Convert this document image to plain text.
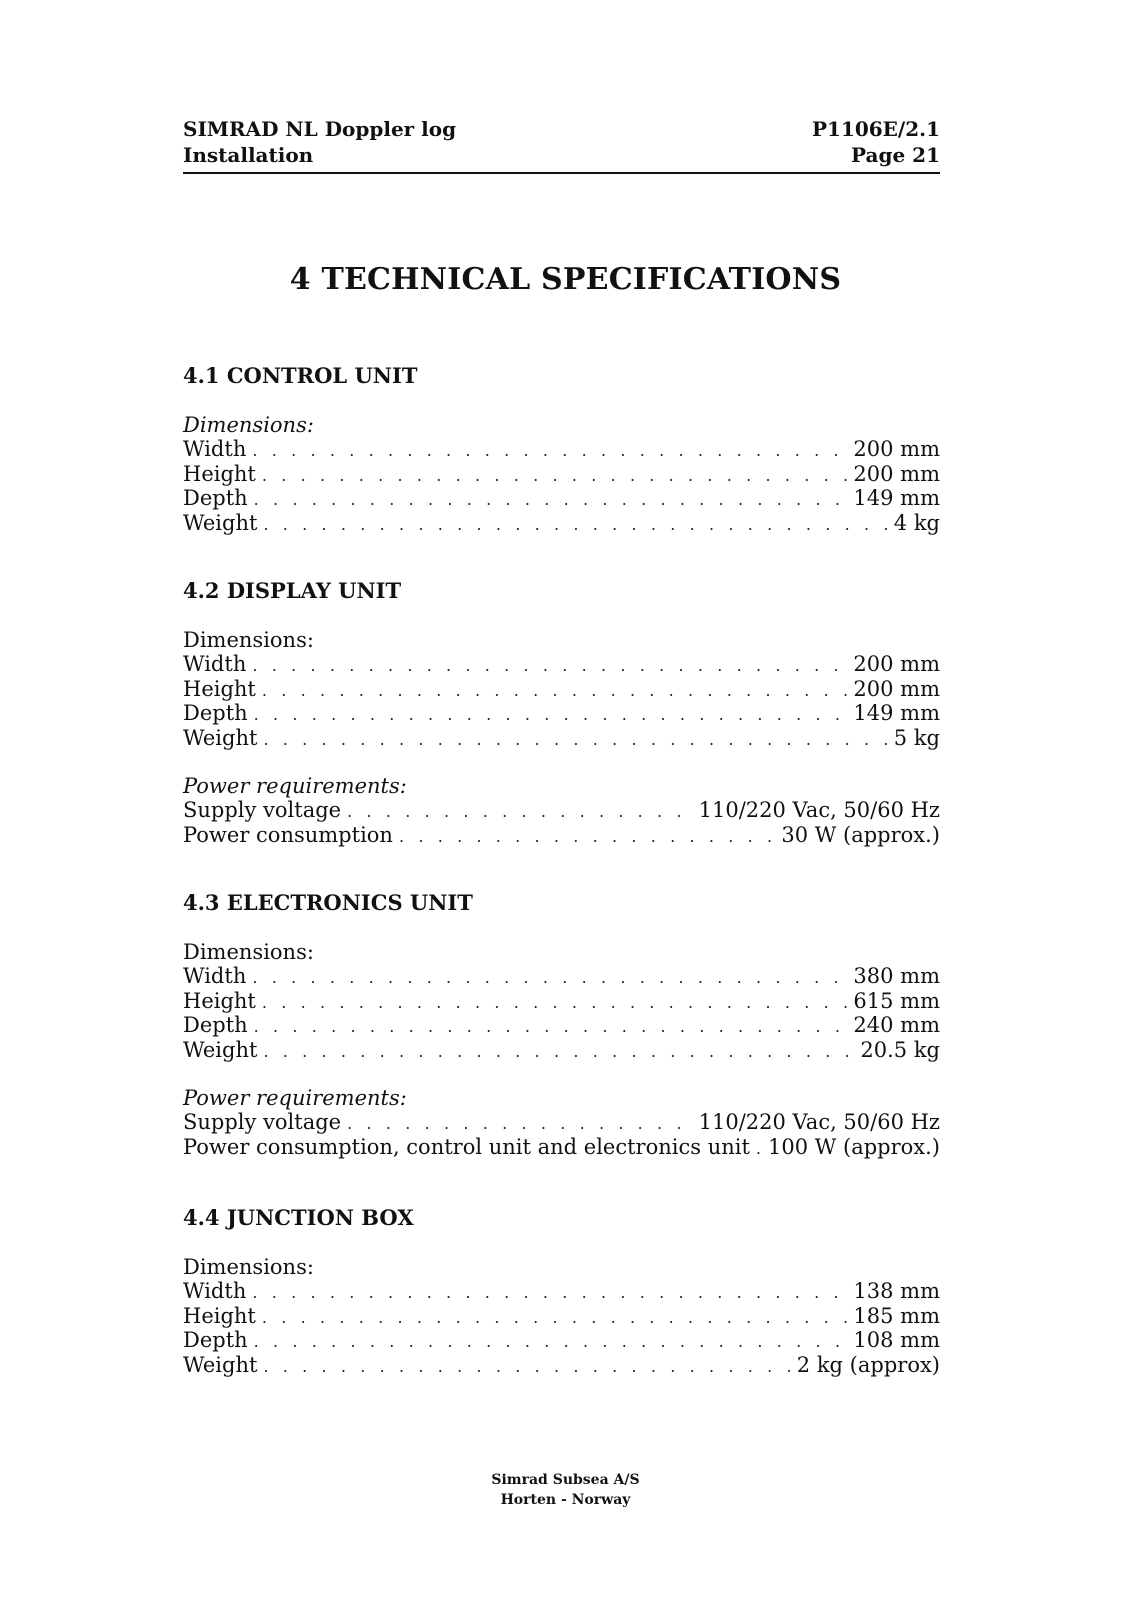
SIMRAD NL Doppler log
Installation
P1106E/2.1
Page 21
4 TECHNICAL SPECIFICATIONS
4.1 CONTROL UNIT
Dimensions:
Width . . .	200 mm
Height . . .	200 mm
Depth . . .	149 mm
Weight . . .	4 kg
4.2 DISPLAY UNIT
Dimensions:
Width . . .	200 mm
Height . . .	200 mm
Depth . . .	149 mm
Weight . . .	5 kg
Power requirements:
Supply voltage . . .	110/220 Vac, 50/60 Hz
Power consumption . . .	30 W (approx.)
4.3 ELECTRONICS UNIT
Dimensions:
Width . . .	380 mm
Height . . .	615 mm
Depth . . .	240 mm
Weight . . .	20.5 kg
Power requirements:
Supply voltage . . .	110/220 Vac, 50/60 Hz
Power consumption, control unit and electronics unit . . . 100 W (approx.)
4.4 JUNCTION BOX
Dimensions:
Width . . .	138 mm
Height . . .	185 mm
Depth . . .	108 mm
Weight . . .	2 kg (approx)
Simrad Subsea A/S
Horten - Norway
